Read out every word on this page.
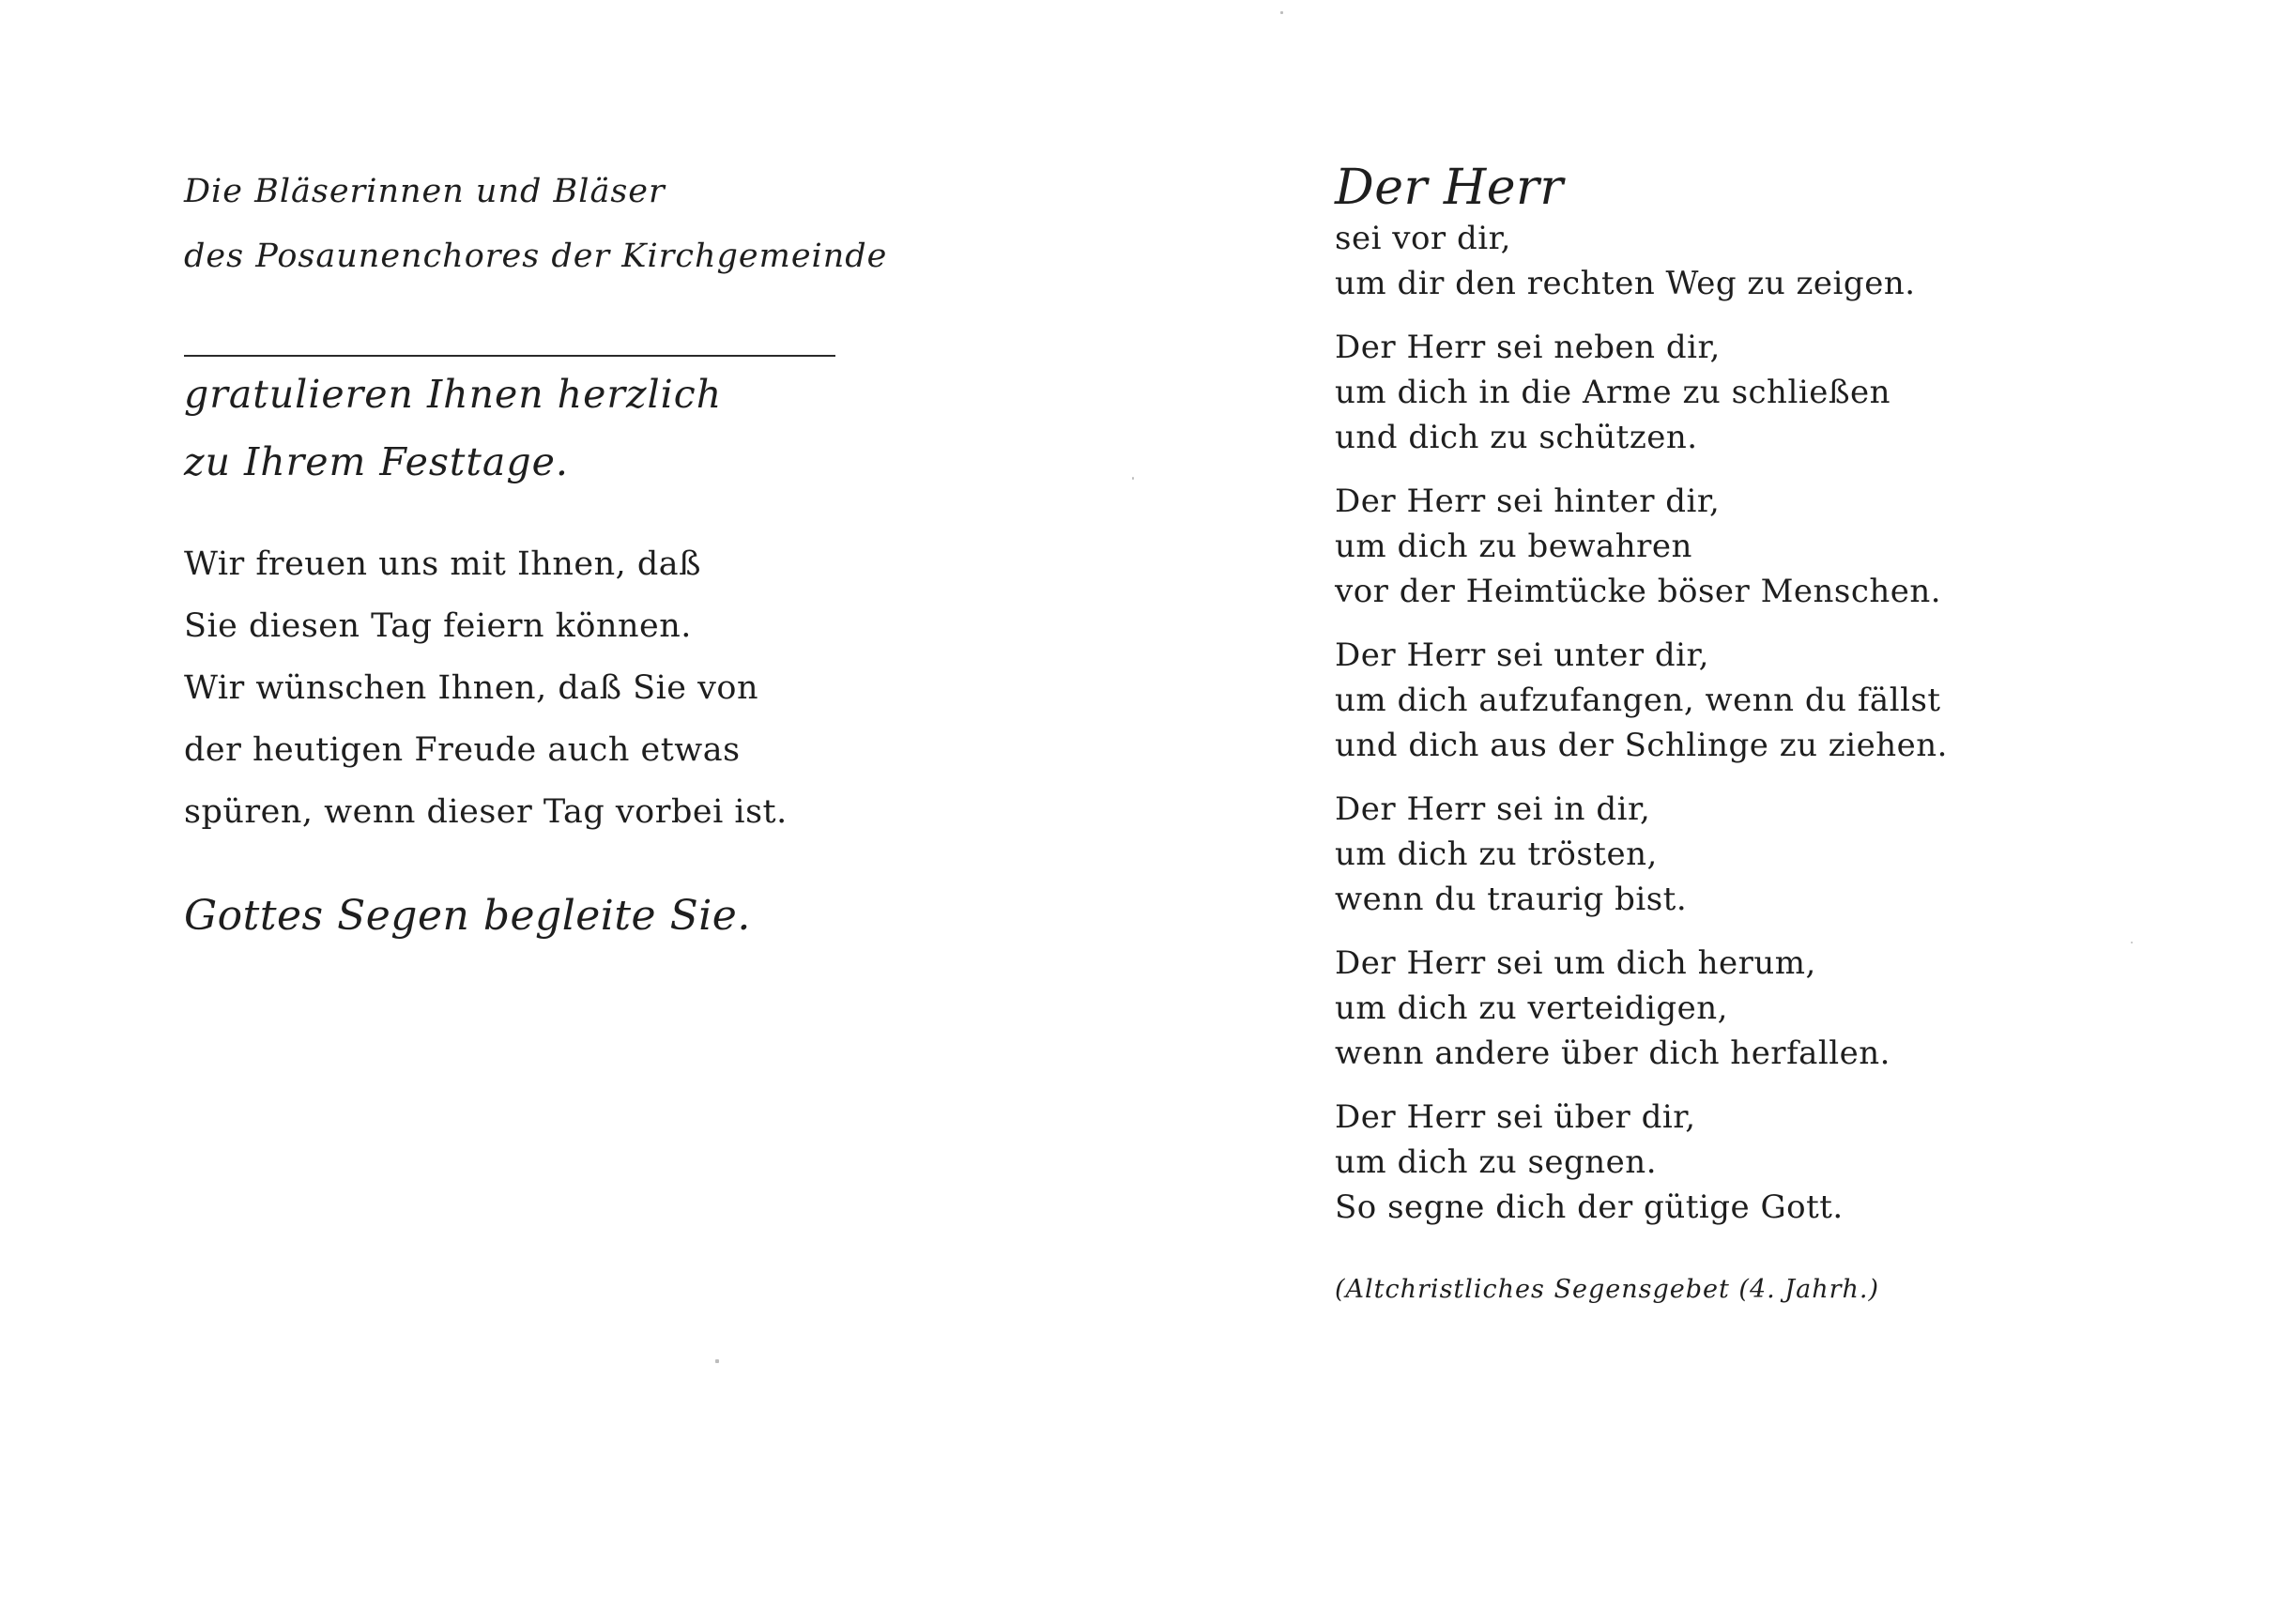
Die Bläserinnen und Bläser
des Posaunenchores der Kirchgemeinde
gratulieren Ihnen herzlich
zu Ihrem Festtage.
Wir freuen uns mit Ihnen, daß
Sie diesen Tag feiern können.
Wir wünschen Ihnen, daß Sie von
der heutigen Freude auch etwas
spüren, wenn dieser Tag vorbei ist.
Gottes Segen begleite Sie.
Der Herr
sei vor dir,
um dir den rechten Weg zu zeigen.
Der Herr sei neben dir,
um dich in die Arme zu schließen
und dich zu schützen.
Der Herr sei hinter dir,
um dich zu bewahren
vor der Heimtücke böser Menschen.
Der Herr sei unter dir,
um dich aufzufangen, wenn du fällst
und dich aus der Schlinge zu ziehen.
Der Herr sei in dir,
um dich zu trösten,
wenn du traurig bist.
Der Herr sei um dich herum,
um dich zu verteidigen,
wenn andere über dich herfallen.
Der Herr sei über dir,
um dich zu segnen.
So segne dich der gütige Gott.
(Altchristliches Segensgebet (4. Jahrh.)
